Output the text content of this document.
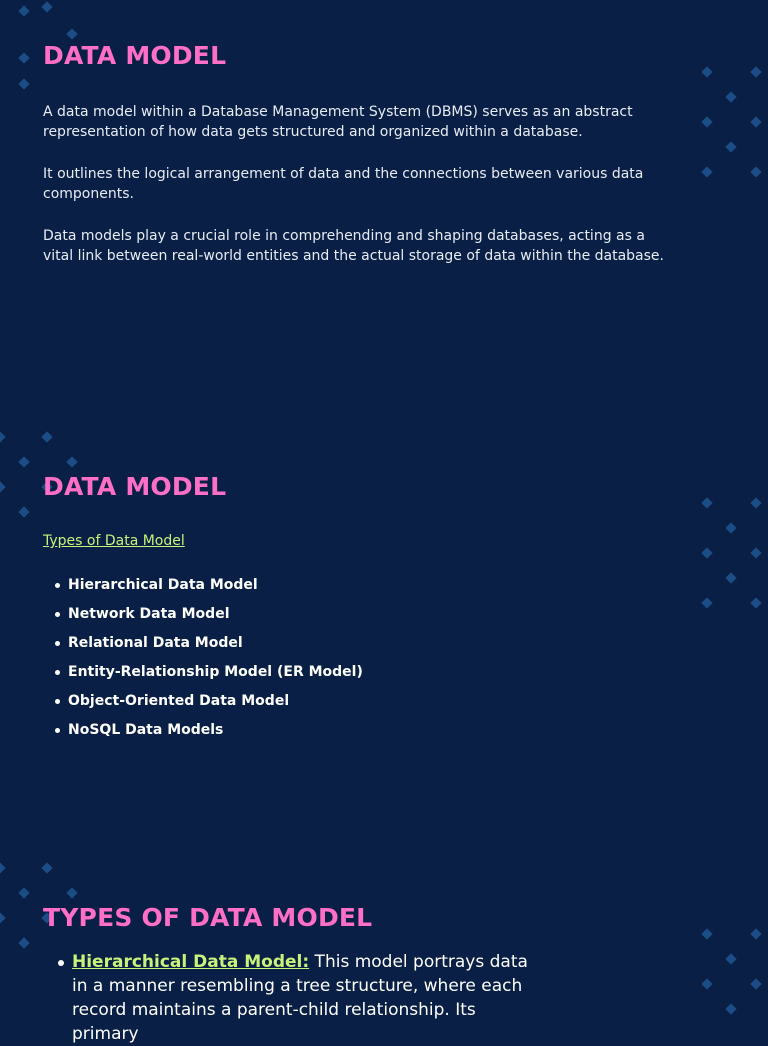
DATA MODEL

A data model within a Database Management System (DBMS) serves as an abstract representation of how data gets structured and organized within a database.

It outlines the logical arrangement of data and the connections between various data components.

Data models play a crucial role in comprehending and shaping databases, acting as a vital link between real-world entities and the actual storage of data within the database.

DATA MODEL
Types of Data Model
Hierarchical Data Model
Network Data Model
Relational Data Model
Entity-Relationship Model (ER Model)
Object-Oriented Data Model
NoSQL Data Models
TYPES OF DATA MODEL

Hierarchical Data Model: This model portrays data in a manner resembling a tree structure, where each record maintains a parent-child relationship. Its primary
